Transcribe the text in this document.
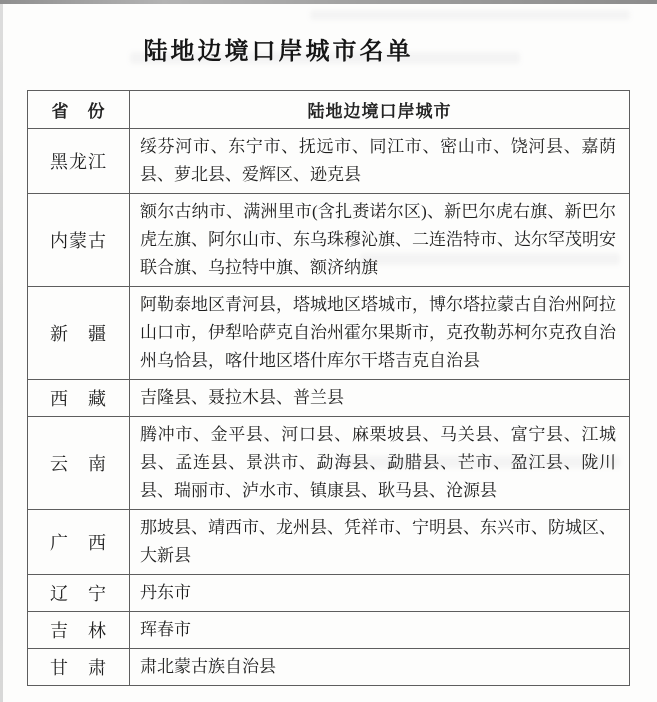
陆地边境口岸城市名单
省　份	陆地边境口岸城市
黑龙江	绥芬河市、东宁市、抚远市、同江市、密山市、饶河县、嘉荫县、萝北县、爱辉区、逊克县
内蒙古	额尔古纳市、满洲里市(含扎赉诺尔区)、新巴尔虎右旗、新巴尔虎左旗、阿尔山市、东乌珠穆沁旗、二连浩特市、达尔罕茂明安联合旗、乌拉特中旗、额济纳旗
新　疆	阿勒泰地区青河县，塔城地区塔城市，博尔塔拉蒙古自治州阿拉山口市，伊犁哈萨克自治州霍尔果斯市，克孜勒苏柯尔克孜自治州乌恰县，喀什地区塔什库尔干塔吉克自治县
西　藏	吉隆县、聂拉木县、普兰县
云　南	腾冲市、金平县、河口县、麻栗坡县、马关县、富宁县、江城县、孟连县、景洪市、勐海县、勐腊县、芒市、盈江县、陇川县、瑞丽市、泸水市、镇康县、耿马县、沧源县
广　西	那坡县、靖西市、龙州县、凭祥市、宁明县、东兴市、防城区、大新县
辽　宁	丹东市
吉　林	珲春市
甘　肃	肃北蒙古族自治县
